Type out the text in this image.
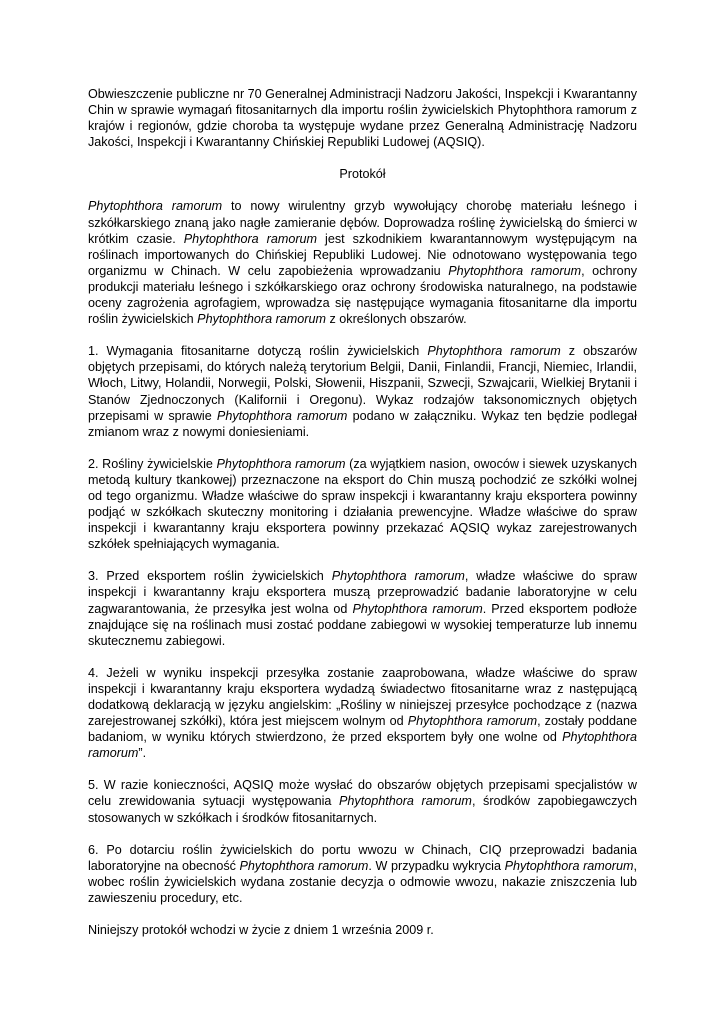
Obwieszczenie publiczne nr 70 Generalnej Administracji Nadzoru Jakości, Inspekcji i Kwarantanny Chin w sprawie wymagań fitosanitarnych dla importu roślin żywicielskich Phytophthora ramorum z krajów i regionów, gdzie choroba ta występuje wydane przez Generalną Administrację Nadzoru Jakości, Inspekcji i Kwarantanny Chińskiej Republiki Ludowej (AQSIQ).

Protokół

Phytophthora ramorum to nowy wirulentny grzyb wywołujący chorobę materiału leśnego i szkółkarskiego znaną jako nagłe zamieranie dębów. Doprowadza roślinę żywicielską do śmierci w krótkim czasie. Phytophthora ramorum jest szkodnikiem kwarantannowym występującym na roślinach importowanych do Chińskiej Republiki Ludowej. Nie odnotowano występowania tego organizmu w Chinach. W celu zapobieżenia wprowadzaniu Phytophthora ramorum, ochrony produkcji materiału leśnego i szkółkarskiego oraz ochrony środowiska naturalnego, na podstawie oceny zagrożenia agrofagiem, wprowadza się następujące wymagania fitosanitarne dla importu roślin żywicielskich Phytophthora ramorum z określonych obszarów.

1. Wymagania fitosanitarne dotyczą roślin żywicielskich Phytophthora ramorum z obszarów objętych przepisami, do których należą terytorium Belgii, Danii, Finlandii, Francji, Niemiec, Irlandii, Włoch, Litwy, Holandii, Norwegii, Polski, Słowenii, Hiszpanii, Szwecji, Szwajcarii, Wielkiej Brytanii i Stanów Zjednoczonych (Kalifornii i Oregonu). Wykaz rodzajów taksonomicznych objętych przepisami w sprawie Phytophthora ramorum podano w załączniku. Wykaz ten będzie podlegał zmianom wraz z nowymi doniesieniami.

2. Rośliny żywicielskie Phytophthora ramorum (za wyjątkiem nasion, owoców i siewek uzyskanych metodą kultury tkankowej) przeznaczone na eksport do Chin muszą pochodzić ze szkółki wolnej od tego organizmu. Władze właściwe do spraw inspekcji i kwarantanny kraju eksportera powinny podjąć w szkółkach skuteczny monitoring i działania prewencyjne. Władze właściwe do spraw inspekcji i kwarantanny kraju eksportera powinny przekazać AQSIQ wykaz zarejestrowanych szkółek spełniających wymagania.

3. Przed eksportem roślin żywicielskich Phytophthora ramorum, władze właściwe do spraw inspekcji i kwarantanny kraju eksportera muszą przeprowadzić badanie laboratoryjne w celu zagwarantowania, że przesyłka jest wolna od Phytophthora ramorum. Przed eksportem podłoże znajdujące się na roślinach musi zostać poddane zabiegowi w wysokiej temperaturze lub innemu skutecznemu zabiegowi.

4. Jeżeli w wyniku inspekcji przesyłka zostanie zaaprobowana, władze właściwe do spraw inspekcji i kwarantanny kraju eksportera wydadzą świadectwo fitosanitarne wraz z następującą dodatkową deklaracją w języku angielskim: „Rośliny w niniejszej przesyłce pochodzące z (nazwa zarejestrowanej szkółki), która jest miejscem wolnym od Phytophthora ramorum, zostały poddane badaniom, w wyniku których stwierdzono, że przed eksportem były one wolne od Phytophthora ramorum”.

5. W razie konieczności, AQSIQ może wysłać do obszarów objętych przepisami specjalistów w celu zrewidowania sytuacji występowania Phytophthora ramorum, środków zapobiegawczych stosowanych w szkółkach i środków fitosanitarnych.

6. Po dotarciu roślin żywicielskich do portu wwozu w Chinach, CIQ przeprowadzi badania laboratoryjne na obecność Phytophthora ramorum. W przypadku wykrycia Phytophthora ramorum, wobec roślin żywicielskich wydana zostanie decyzja o odmowie wwozu, nakazie zniszczenia lub zawieszeniu procedury, etc.

Niniejszy protokół wchodzi w życie z dniem 1 września 2009 r.
